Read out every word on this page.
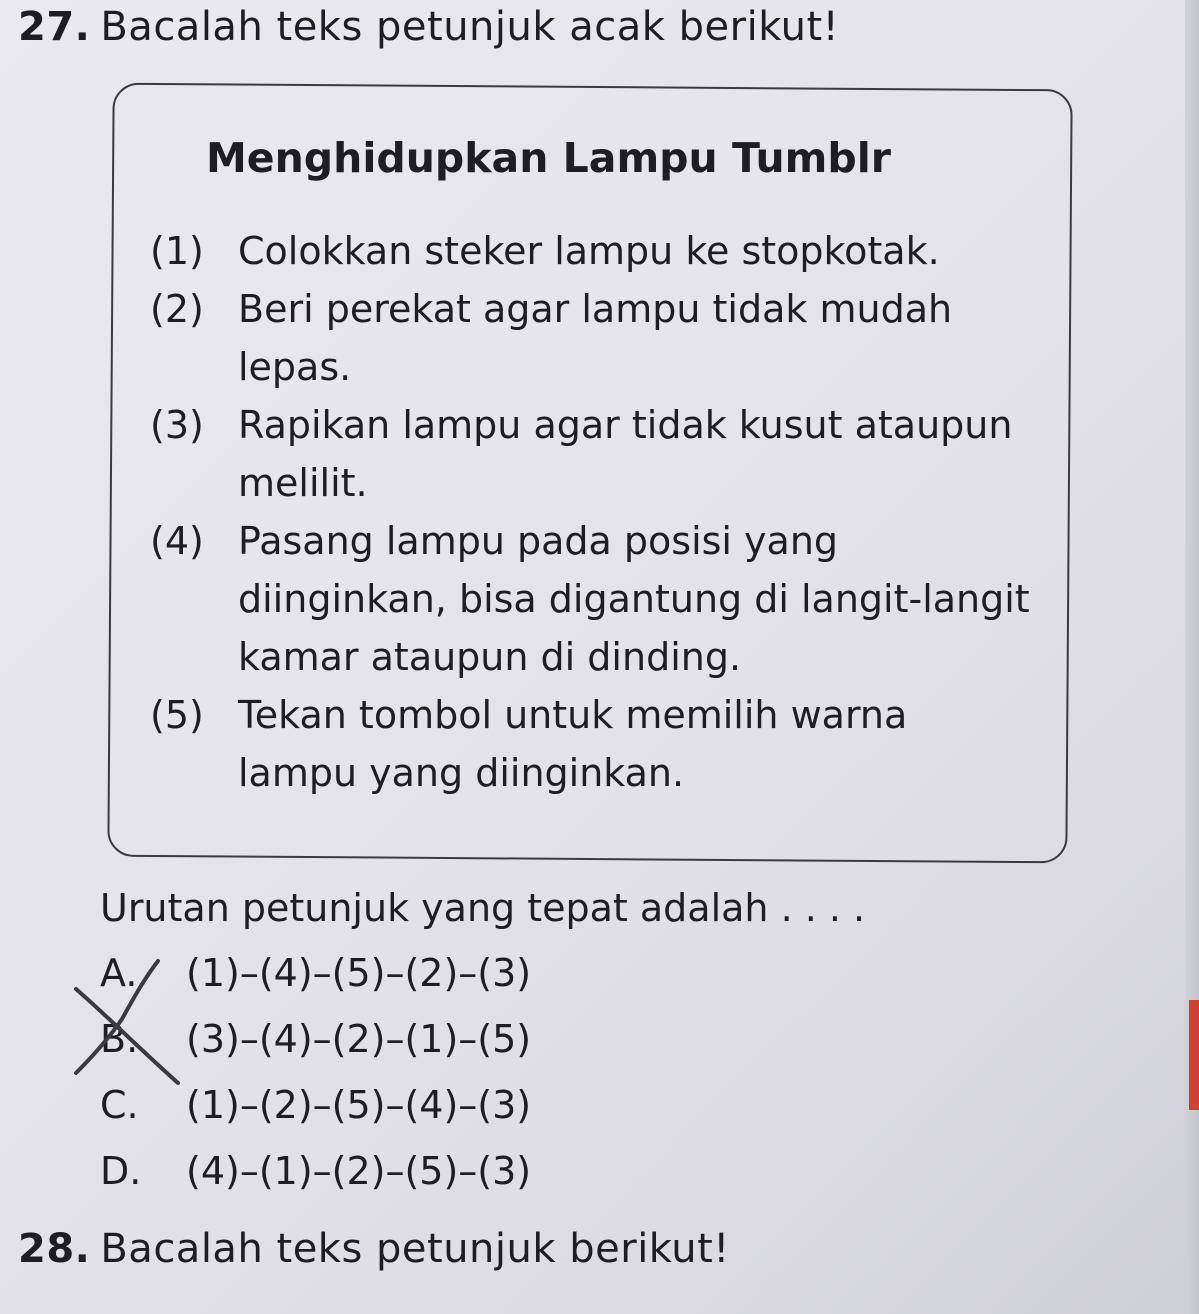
27. Bacalah teks petunjuk acak berikut!
Menghidupkan Lampu Tumblr
(1) Colokkan steker lampu ke stopkotak.
(2) Beri perekat agar lampu tidak mudah lepas.
(3) Rapikan lampu agar tidak kusut ataupun melilit.
(4) Pasang lampu pada posisi yang diinginkan, bisa digantung di langit-langit kamar ataupun di dinding.
(5) Tekan tombol untuk memilih warna lampu yang diinginkan.

Urutan petunjuk yang tepat adalah . . . .

A.	(1)–(4)–(5)–(2)–(3)
B.	(3)–(4)–(2)–(1)–(5)
C.	(1)–(2)–(5)–(4)–(3)
D.	(4)–(1)–(2)–(5)–(3)
28. Bacalah teks petunjuk berikut!
